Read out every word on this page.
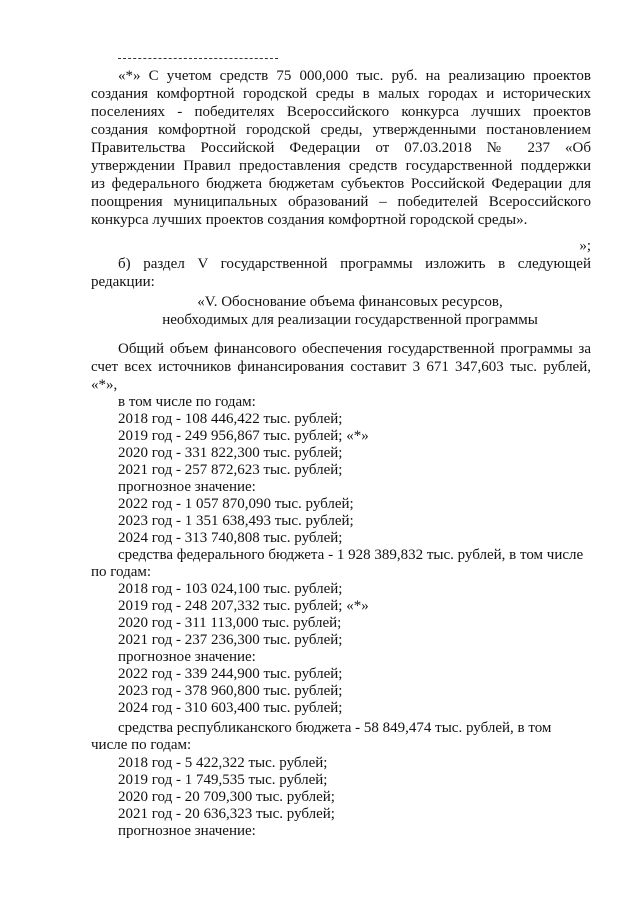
«*» С учетом средств 75 000,000 тыс. руб. на реализацию проектов
создания комфортной городской среды в малых городах и исторических
поселениях - победителях Всероссийского конкурса лучших проектов
создания комфортной городской среды, утвержденными постановлением
Правительства Российской Федерации от 07.03.2018 № 237 «Об
утверждении Правил предоставления средств государственной поддержки
из федерального бюджета бюджетам субъектов Российской Федерации для
поощрения муниципальных образований – победителей Всероссийского
конкурса лучших проектов создания комфортной городской среды».
»;
б) раздел V государственной программы изложить в следующей
редакции:
«V. Обоснование объема финансовых ресурсов,
необходимых для реализации государственной программы
Общий объем финансового обеспечения государственной программы за
счет всех источников финансирования составит 3 671 347,603 тыс. рублей,
«*»,
в том числе по годам:
2018 год - 108 446,422 тыс. рублей;
2019 год - 249 956,867 тыс. рублей; «*»
2020 год - 331 822,300 тыс. рублей;
2021 год - 257 872,623 тыс. рублей;
прогнозное значение:
2022 год - 1 057 870,090 тыс. рублей;
2023 год - 1 351 638,493 тыс. рублей;
2024 год - 313 740,808 тыс. рублей;
средства федерального бюджета - 1 928 389,832 тыс. рублей, в том числе
по годам:
2018 год - 103 024,100 тыс. рублей;
2019 год - 248 207,332 тыс. рублей; «*»
2020 год - 311 113,000 тыс. рублей;
2021 год - 237 236,300 тыс. рублей;
прогнозное значение:
2022 год - 339 244,900 тыс. рублей;
2023 год - 378 960,800 тыс. рублей;
2024 год - 310 603,400 тыс. рублей;
средства республиканского бюджета - 58 849,474 тыс. рублей, в том
числе по годам:
2018 год - 5 422,322 тыс. рублей;
2019 год - 1 749,535 тыс. рублей;
2020 год - 20 709,300 тыс. рублей;
2021 год - 20 636,323 тыс. рублей;
прогнозное значение:
